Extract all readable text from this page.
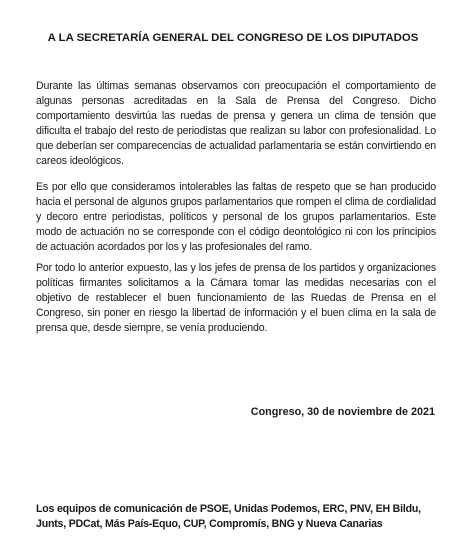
A LA SECRETARÍA GENERAL DEL CONGRESO DE LOS DIPUTADOS

Durante las últimas semanas observamos con preocupación el comportamiento de algunas personas acreditadas en la Sala de Prensa del Congreso. Dicho comportamiento desvirtúa las ruedas de prensa y genera un clima de tensión que dificulta el trabajo del resto de periodistas que realizan su labor con profesionalidad. Lo que deberían ser comparecencias de actualidad parlamentaria se están convirtiendo en careos ideológicos.

Es por ello que consideramos intolerables las faltas de respeto que se han producido hacia el personal de algunos grupos parlamentarios que rompen el clima de cordialidad y decoro entre periodistas, políticos y personal de los grupos parlamentarios. Este modo de actuación no se corresponde con el código deontológico ni con los principios de actuación acordados por los y las profesionales del ramo.

Por todo lo anterior expuesto, las y los jefes de prensa de los partidos y organizaciones políticas firmantes solicitamos a la Cámara tomar las medidas necesarias con el objetivo de restablecer el buen funcionamiento de las Ruedas de Prensa en el Congreso, sin poner en riesgo la libertad de información y el buen clima en la sala de prensa que, desde siempre, se venía produciendo.

Congreso, 30 de noviembre de 2021
Los equipos de comunicación de PSOE, Unidas Podemos, ERC, PNV, EH Bildu, Junts, PDCat, Más País-Equo, CUP, Compromís, BNG y Nueva Canarias
